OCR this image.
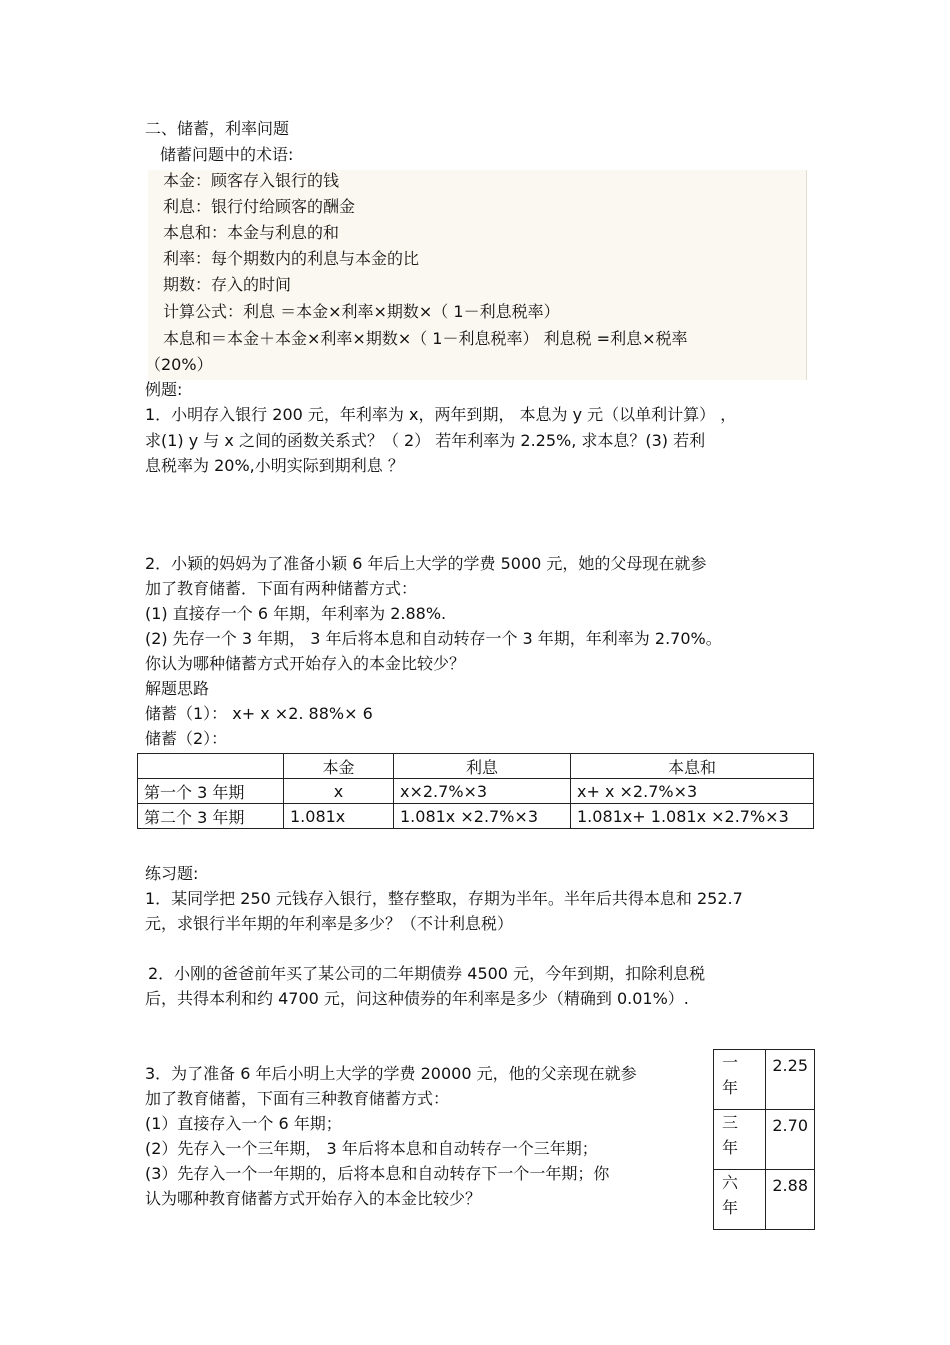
二、储蓄，利率问题
储蓄问题中的术语:
本金：顾客存入银行的钱
利息：银行付给顾客的酬金
本息和：本金与利息的和
利率：每个期数内的利息与本金的比
期数：存入的时间
计算公式：利息 ＝本金×利率×期数×（ 1－利息税率）
本息和＝本金＋本金×利率×期数×（ 1－利息税率） 利息税 =利息×税率
（20%）
例题:
1．小明存入银行 200 元，年利率为 x，两年到期， 本息为 y 元（以单利计算） ，
求(1) y 与 x 之间的函数关系式？（ 2） 若年利率为 2.25%, 求本息？(3) 若利
息税率为 20%,小明实际到期利息 ？
2．小颖的妈妈为了准备小颖 6 年后上大学的学费 5000 元，她的父母现在就参
加了教育储蓄．下面有两种储蓄方式：
(1) 直接存一个 6 年期，年利率为 2.88%.
(2) 先存一个 3 年期， 3 年后将本息和自动转存一个 3 年期，年利率为 2.70%。
你认为哪种储蓄方式开始存入的本金比较少？
解题思路
储蓄（1）： x+ x ×2. 88%× 6
储蓄（2）：
	本金	利息	本息和
第一个 3 年期	x	x×2.7%×3	x+ x ×2.7%×3
第二个 3 年期	1.081x	1.081x ×2.7%×3	1.081x+ 1.081x ×2.7%×3
练习题:
1．某同学把 250 元钱存入银行，整存整取，存期为半年。半年后共得本息和 252.7
元，求银行半年期的年利率是多少？（不计利息税）
2．小刚的爸爸前年买了某公司的二年期债券 4500 元，今年到期，扣除利息税
后，共得本利和约 4700 元，问这种债券的年利率是多少（精确到 0.01%）.
3．为了准备 6 年后小明上大学的学费 20000 元，他的父亲现在就参
加了教育储蓄，下面有三种教育储蓄方式：
(1）直接存入一个 6 年期；
(2）先存入一个三年期， 3 年后将本息和自动转存一个三年期；
(3）先存入一个一年期的，后将本息和自动转存下一个一年期；你
认为哪种教育储蓄方式开始存入的本金比较少？
一
年	2.25
三
年	2.70
六
年	2.88
